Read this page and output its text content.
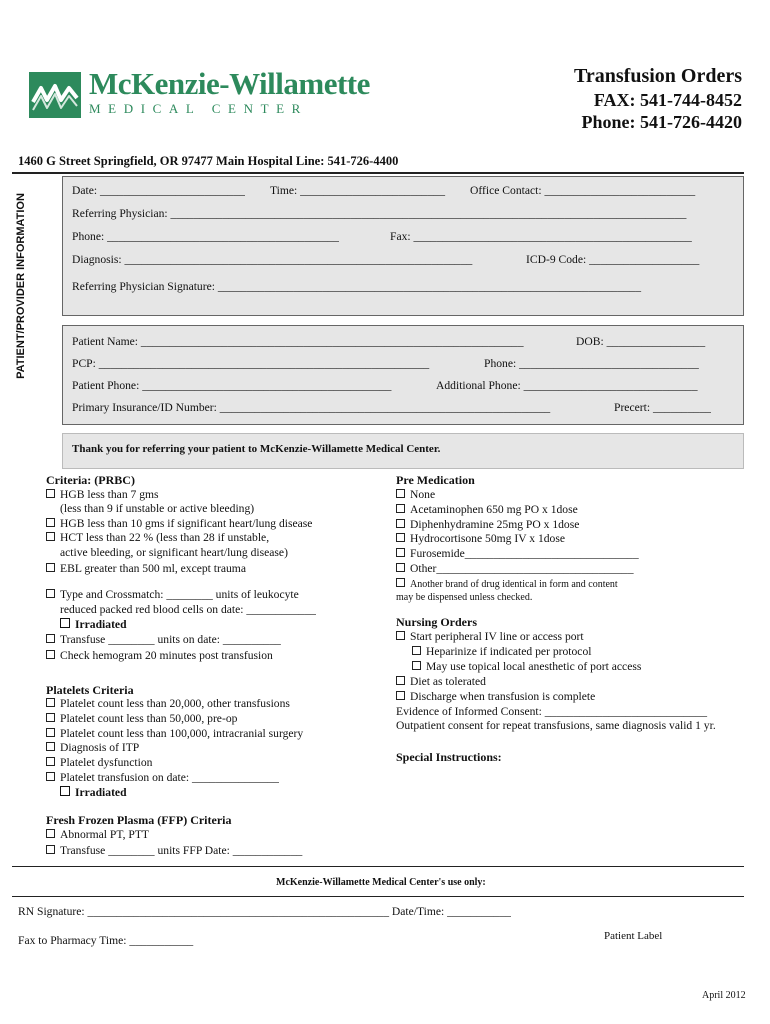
McKenzie-Willamette
MEDICAL CENTER
Transfusion Orders
FAX: 541-744-8452
Phone: 541-726-4420
1460 G Street Springfield, OR 97477 Main Hospital Line: 541-726-4400
PATIENT/PROVIDER INFORMATION
Date: _________________________ Time: _________________________ Office Contact: __________________________
Referring Physician: _________________________________________________________________________________________
Phone: ________________________________________	Fax: ________________________________________________
Diagnosis: ____________________________________________________________	ICD-9 Code: ___________________
Referring Physician Signature: _________________________________________________________________________
Patient Name: __________________________________________________________________	DOB: _________________
PCP: _________________________________________________________	Phone: _______________________________
Patient Phone: ___________________________________________	Additional Phone: ______________________________
Primary Insurance/ID Number: _________________________________________________________	Precert: __________
Thank you for referring your patient to McKenzie-Willamette Medical Center.
Criteria: (PRBC)
HGB less than 7 gms
(less than 9 if unstable or active bleeding)
HGB less than 10 gms if significant heart/lung disease
HCT less than 22 % (less than 28 if unstable,
active bleeding, or significant heart/lung disease)
EBL greater than 500 ml, except trauma
Type and Crossmatch: ________ units of leukocyte
reduced packed red blood cells on date: ____________
Irradiated
Transfuse ________ units on date: __________
Check hemogram 20 minutes post transfusion
Platelets Criteria
Platelet count less than 20,000, other transfusions
Platelet count less than 50,000, pre-op
Platelet count less than 100,000, intracranial surgery
Diagnosis of ITP
Platelet dysfunction
Platelet transfusion on date: _______________
Irradiated
Fresh Frozen Plasma (FFP) Criteria
Abnormal PT, PTT
Transfuse ________ units FFP Date: ____________
Pre Medication
None
Acetaminophen 650 mg PO x 1dose
Diphenhydramine 25mg PO x 1dose
Hydrocortisone 50mg IV x 1dose
Furosemide______________________________
Other__________________________________
Another brand of drug identical in form and content
may be dispensed unless checked.
Nursing Orders
Start peripheral IV line or access port
Heparinize if indicated per protocol
May use topical local anesthetic of port access
Diet as tolerated
Discharge when transfusion is complete
Evidence of Informed Consent: ____________________________
Outpatient consent for repeat transfusions, same diagnosis valid 1 yr.
Special Instructions:
McKenzie-Willamette Medical Center's use only:
RN Signature: ____________________________________________________ Date/Time: ___________
Fax to Pharmacy Time: ___________	Patient Label
April 2012
